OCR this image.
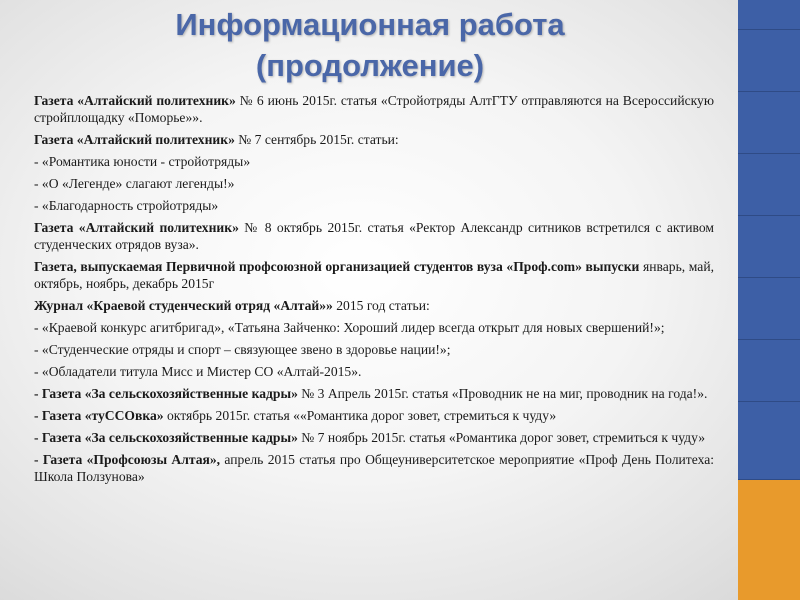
Информационная работа
(продолжение)

Газета «Алтайский политехник» № 6 июнь 2015г. статья «Стройотряды АлтГТУ отправляются на Всероссийскую стройплощадку «Поморье»».

Газета «Алтайский политехник» № 7 сентябрь 2015г. статьи:

- «Романтика юности - стройотряды»

- «О «Легенде» слагают легенды!»

- «Благодарность стройотряды»

Газета «Алтайский политехник» № 8 октябрь 2015г. статья «Ректор Александр ситников встретился с активом студенческих отрядов вуза».

Газета, выпускаемая Первичной профсоюзной организацией студентов вуза «Проф.com» выпуски январь, май, октябрь, ноябрь, декабрь 2015г

Журнал «Краевой студенческий отряд «Алтай»» 2015 год статьи:

- «Краевой конкурс агитбригад», «Татьяна Зайченко: Хороший лидер всегда открыт для новых свершений!»;

- «Студенческие отряды и спорт – связующее звено в здоровье нации!»;

- «Обладатели титула Мисс и Мистер СО «Алтай-2015».

- Газета «За сельскохозяйственные кадры» № 3 Апрель 2015г. статья «Проводник не на миг, проводник на года!».

- Газета «туССОвка» октябрь 2015г. статья ««Романтика дорог зовет, стремиться к чуду»

- Газета «За сельскохозяйственные кадры» № 7 ноябрь 2015г. статья «Романтика дорог зовет, стремиться к чуду»

- Газета «Профсоюзы Алтая», апрель 2015 статья про Общеуниверситетское мероприятие «Проф День Политеха: Школа Ползунова»
